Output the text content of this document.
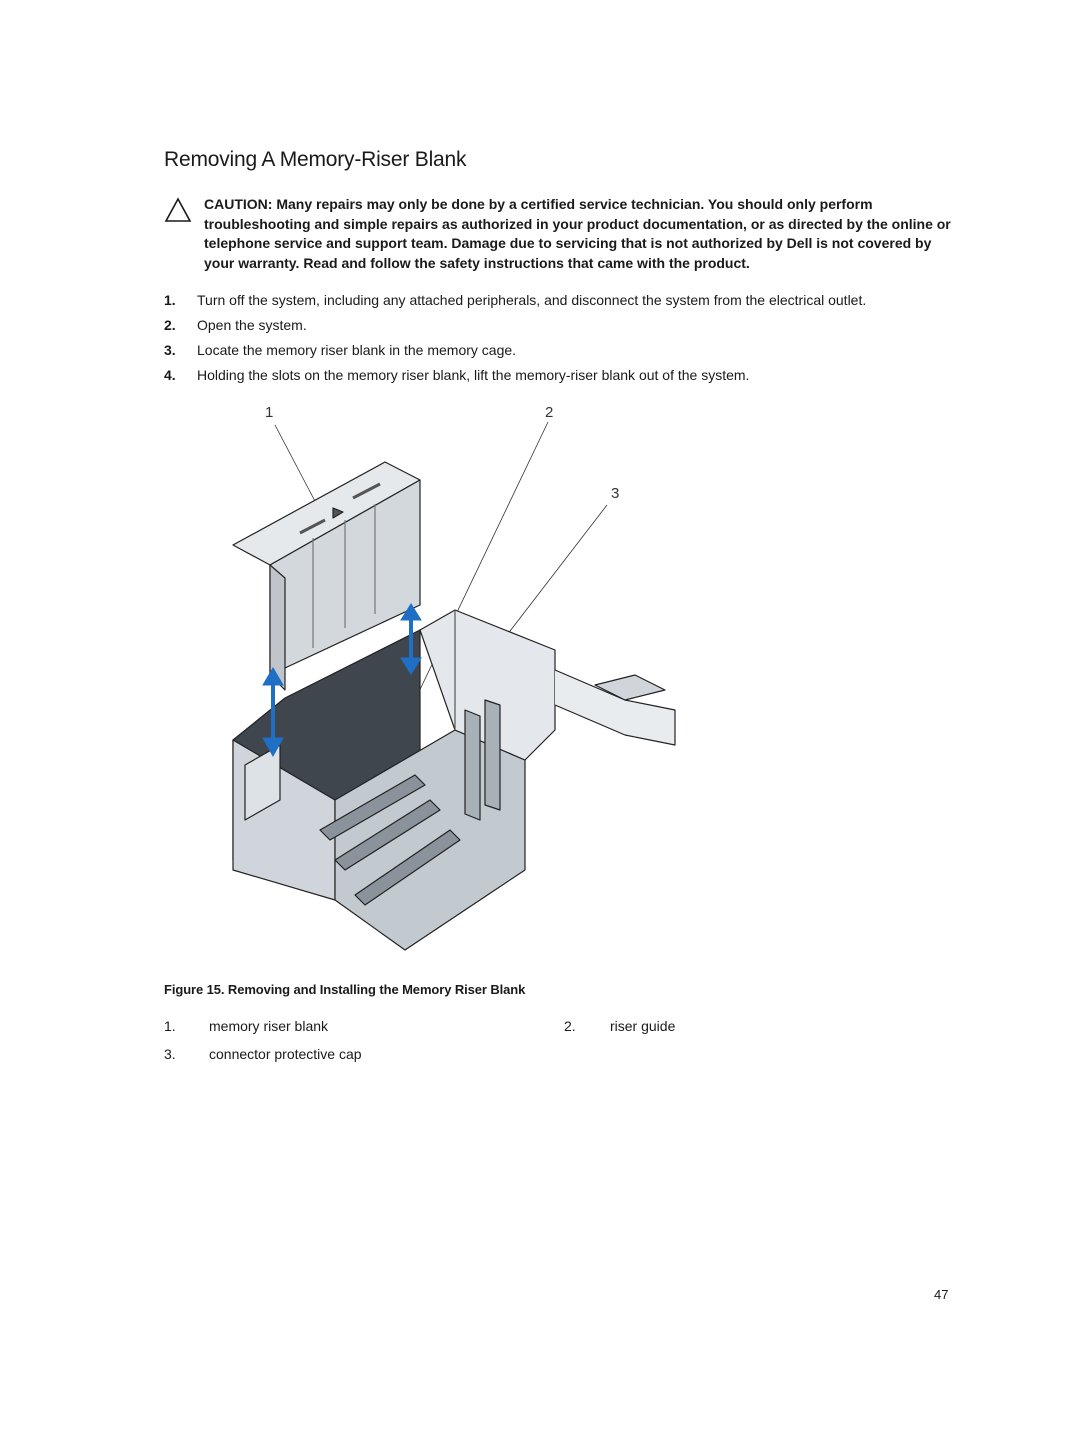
Removing A Memory-Riser Blank
CAUTION: Many repairs may only be done by a certified service technician. You should only perform troubleshooting and simple repairs as authorized in your product documentation, or as directed by the online or telephone service and support team. Damage due to servicing that is not authorized by Dell is not covered by your warranty. Read and follow the safety instructions that came with the product.
1. Turn off the system, including any attached peripherals, and disconnect the system from the electrical outlet.
2. Open the system.
3. Locate the memory riser blank in the memory cage.
4. Holding the slots on the memory riser blank, lift the memory-riser blank out of the system.
1	2
3
Figure 15. Removing and Installing the Memory Riser Blank
1. memory riser blank	2. riser guide
3. connector protective cap
47
